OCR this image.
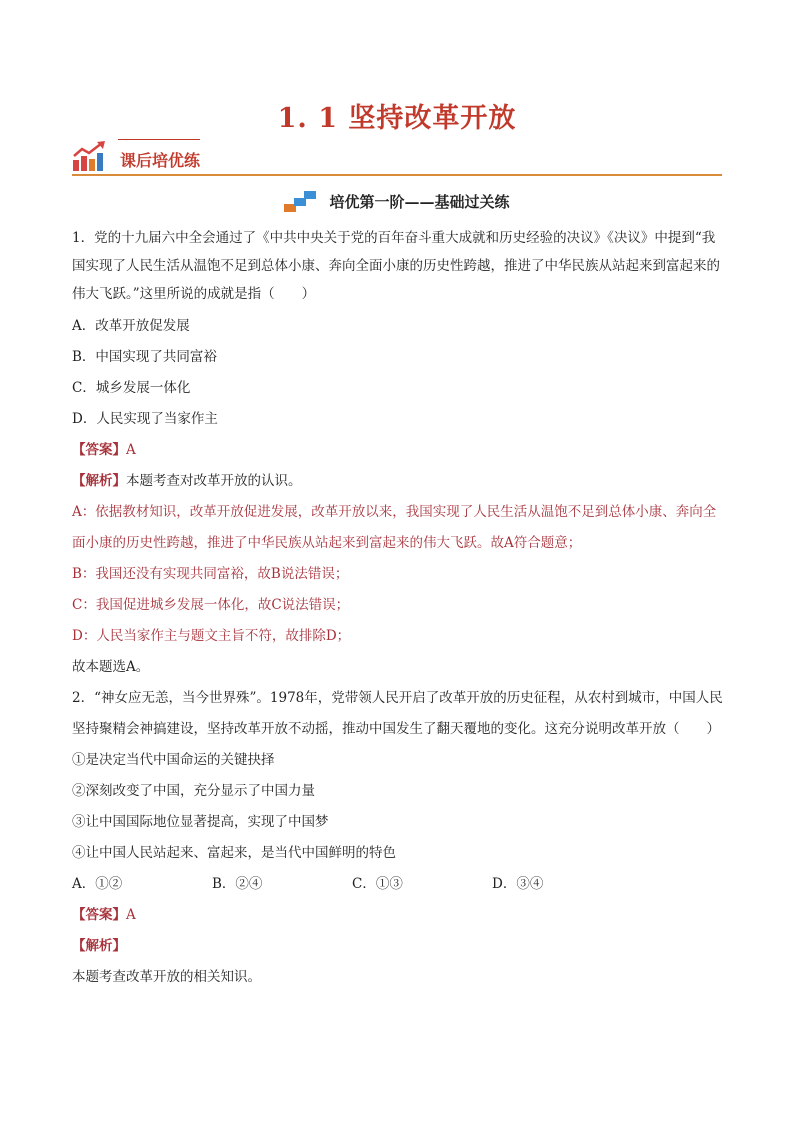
1. 1 坚持改革开放
课后培优练
培优第一阶——基础过关练

1．党的十九届六中全会通过了《中共中央关于党的百年奋斗重大成就和历史经验的决议》《决议》中提到“我国实现了人民生活从温饱不足到总体小康、奔向全面小康的历史性跨越，推进了中华民族从站起来到富起来的伟大飞跃。”这里所说的成就是指（　　）

A．改革开放促发展
B．中国实现了共同富裕
C．城乡发展一体化
D．人民实现了当家作主
【答案】A
【解析】本题考查对改革开放的认识。

A：依据教材知识，改革开放促进发展，改革开放以来，我国实现了人民生活从温饱不足到总体小康、奔向全面小康的历史性跨越，推进了中华民族从站起来到富起来的伟大飞跃。故A符合题意；

B：我国还没有实现共同富裕，故B说法错误；
C：我国促进城乡发展一体化，故C说法错误；
D：人民当家作主与题文主旨不符，故排除D；
故本题选A。

2．“神女应无恙，当今世界殊”。1978年，党带领人民开启了改革开放的历史征程，从农村到城市，中国人民坚持聚精会神搞建设，坚持改革开放不动摇，推动中国发生了翻天覆地的变化。这充分说明改革开放（　　）

①是决定当代中国命运的关键抉择
②深刻改变了中国，充分显示了中国力量
③让中国国际地位显著提高，实现了中国梦
④让中国人民站起来、富起来，是当代中国鲜明的特色
A．①②	B．②④	C．①③	D．③④
【答案】A
【解析】
本题考查改革开放的相关知识。
